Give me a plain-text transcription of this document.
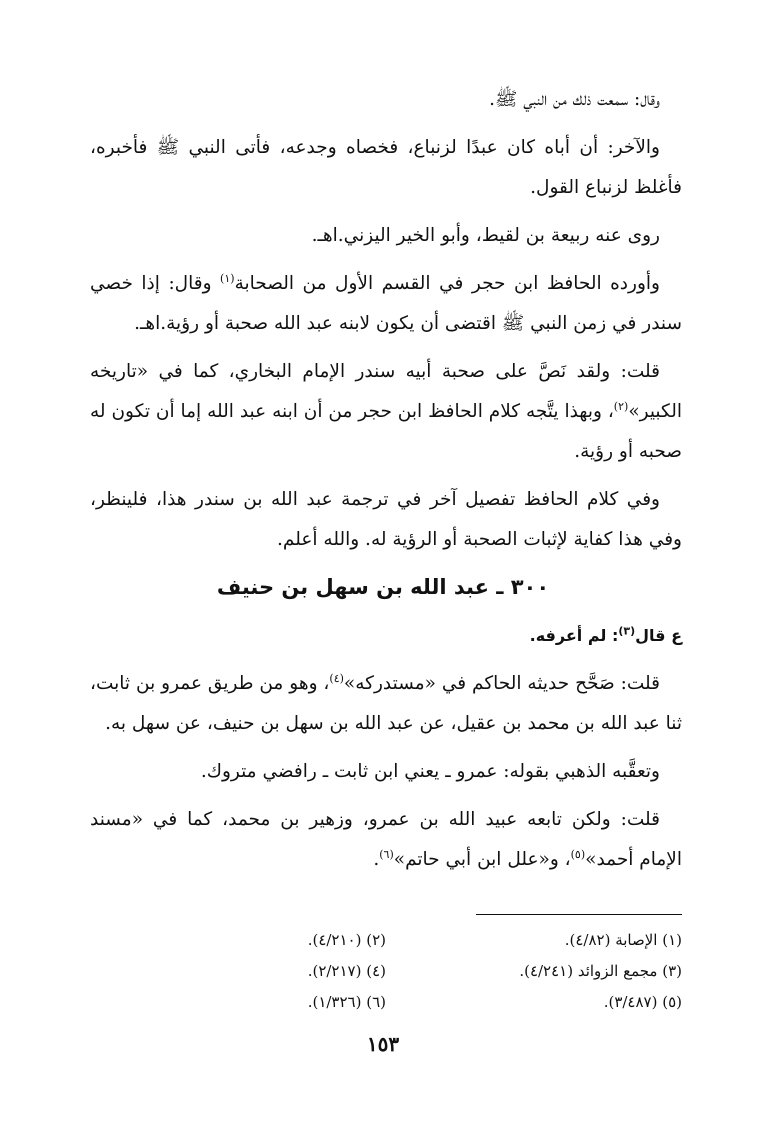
وقال: سمعت ذلك من النبي ﷺ.

والآخر: أن أباه كان عبدًا لزنباع، فخصاه وجدعه، فأتى النبي ﷺ فأخبره، فأغلظ لزنباع القول.

روى عنه ربيعة بن لقيط، وأبو الخير اليزني.اهـ.

وأورده الحافظ ابن حجر في القسم الأول من الصحابة$^{(١)}$ وقال: إذا خصي سندر في زمن النبي ﷺ اقتضى أن يكون لابنه عبد الله صحبة أو رؤية.اهـ.

قلت: ولقد نَصَّ على صحبة أبيه سندر الإمام البخاري، كما في «تاريخه الكبير»$^{(٢)}$، وبهذا يتَّجه كلام الحافظ ابن حجر من أن ابنه عبد الله إما أن تكون له صحبه أو رؤية.

وفي كلام الحافظ تفصيل آخر في ترجمة عبد الله بن سندر هذا، فلينظر، وفي هذا كفاية لإثبات الصحبة أو الرؤية له. والله أعلم.

٣٠٠ ـ عبد الله بن سهل بن حنيف

ع قال$^{(٣)}$: لم أعرفه.

قلت: صَحَّح حديثه الحاكم في «مستدركه»$^{(٤)}$، وهو من طريق عمرو بن ثابت، ثنا عبد الله بن محمد بن عقيل، عن عبد الله بن سهل بن حنيف، عن سهل به.

وتعقَّبه الذهبي بقوله: عمرو ـ يعني ابن ثابت ـ رافضي متروك.

قلت: ولكن تابعه عبيد الله بن عمرو، وزهير بن محمد، كما في «مسند الإمام أحمد»$^{(٥)}$، و«علل ابن أبي حاتم»$^{(٦)}$.

(١) الإصابة (٤/٨٢).
(٢) (٤/٢١٠).
(٣) مجمع الزوائد (٤/٢٤١).
(٤) (٢/٢١٧).
(٥) (٣/٤٨٧).
(٦) (١/٣٢٦).
١٥٣
